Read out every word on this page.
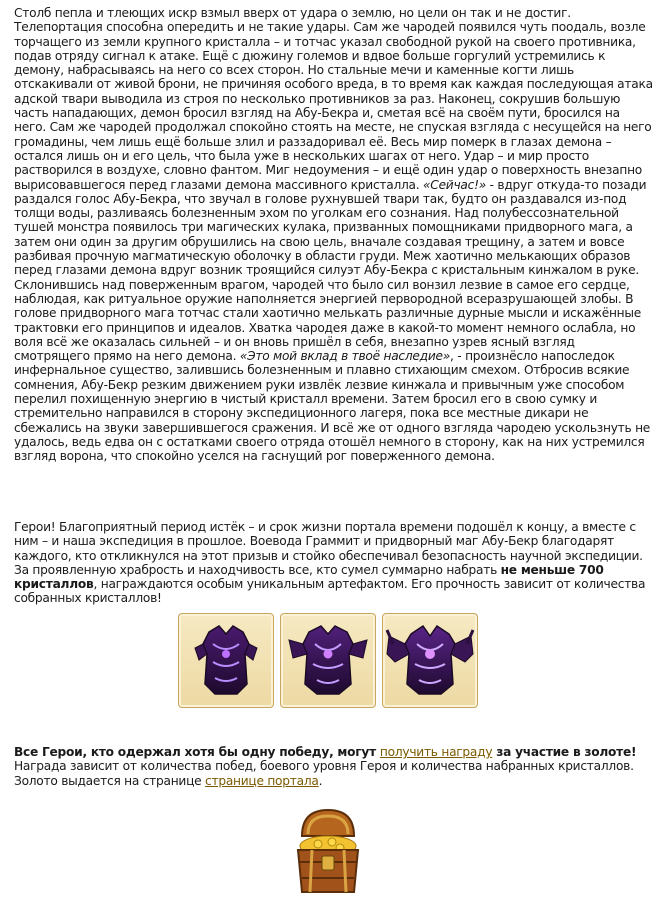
Столб пепла и тлеющих искр взмыл вверх от удара о землю, но цели он так и не достиг. Телепортация способна опередить и не такие удары. Сам же чародей появился чуть поодаль, возле торчащего из земли крупного кристалла – и тотчас указал свободной рукой на своего противника, подав отряду сигнал к атаке. Ещё с дюжину големов и вдвое больше горгулий устремились к демону, набрасываясь на него со всех сторон. Но стальные мечи и каменные когти лишь отскакивали от живой брони, не причиняя особого вреда, в то время как каждая последующая атака адской твари выводила из строя по несколько противников за раз. Наконец, сокрушив большую часть нападающих, демон бросил взгляд на Абу-Бекра и, сметая всё на своём пути, бросился на него. Сам же чародей продолжал спокойно стоять на месте, не спуская взгляда с несущейся на него громадины, чем лишь ещё больше злил и раззадоривал её. Весь мир померк в глазах демона – остался лишь он и его цель, что была уже в нескольких шагах от него. Удар – и мир просто растворился в воздухе, словно фантом. Миг недоумения – и ещё один удар о поверхность внезапно вырисовавшегося перед глазами демона массивного кристалла. «Сейчас!» - вдруг откуда-то позади раздался голос Абу-Бекра, что звучал в голове рухнувшей твари так, будто он раздавался из-под толщи воды, разливаясь болезненным эхом по уголкам его сознания. Над полубессознательной тушей монстра появилось три магических кулака, призванных помощниками придворного мага, а затем они один за другим обрушились на свою цель, вначале создавая трещину, а затем и вовсе разбивая прочную магматическую оболочку в области груди. Меж хаотично мелькающих образов перед глазами демона вдруг возник троящийся силуэт Абу-Бекра с кристальным кинжалом в руке. Склонившись над поверженным врагом, чародей что было сил вонзил лезвие в самое его сердце, наблюдая, как ритуальное оружие наполняется энергией первородной всеразрушающей злобы. В голове придворного мага тотчас стали хаотично мелькать различные дурные мысли и искажённые трактовки его принципов и идеалов. Хватка чародея даже в какой-то момент немного ослабла, но воля всё же оказалась сильней – и он вновь пришёл в себя, внезапно узрев ясный взгляд смотрящего прямо на него демона. «Это мой вклад в твоё наследие», - произнёсло напоследок инфернальное существо, залившись болезненным и плавно стихающим смехом. Отбросив всякие сомнения, Абу-Бекр резким движением руки извлёк лезвие кинжала и привычным уже способом перелил похищенную энергию в чистый кристалл времени. Затем бросил его в свою сумку и стремительно направился в сторону экспедиционного лагеря, пока все местные дикари не сбежались на звуки завершившегося сражения. И всё же от одного взгляда чародею ускользнуть не удалось, ведь едва он с остатками своего отряда отошёл немного в сторону, как на них устремился взгляд ворона, что спокойно уселся на гаснущий рог поверженного демона.

Герои! Благоприятный период истёк – и срок жизни портала времени подошёл к концу, а вместе с ним – и наша экспедиция в прошлое. Воевода Граммит и придворный маг Абу-Бекр благодарят каждого, кто откликнулся на этот призыв и стойко обеспечивал безопасность научной экспедиции. За проявленную храбрость и находчивость все, кто сумел суммарно набрать не меньше 700 кристаллов, награждаются особым уникальным артефактом. Его прочность зависит от количества собранных кристаллов!

Все Герои, кто одержал хотя бы одну победу, могут получить награду за участие в золоте! Награда зависит от количества побед, боевого уровня Героя и количества набранных кристаллов. Золото выдается на странице странице портала.
